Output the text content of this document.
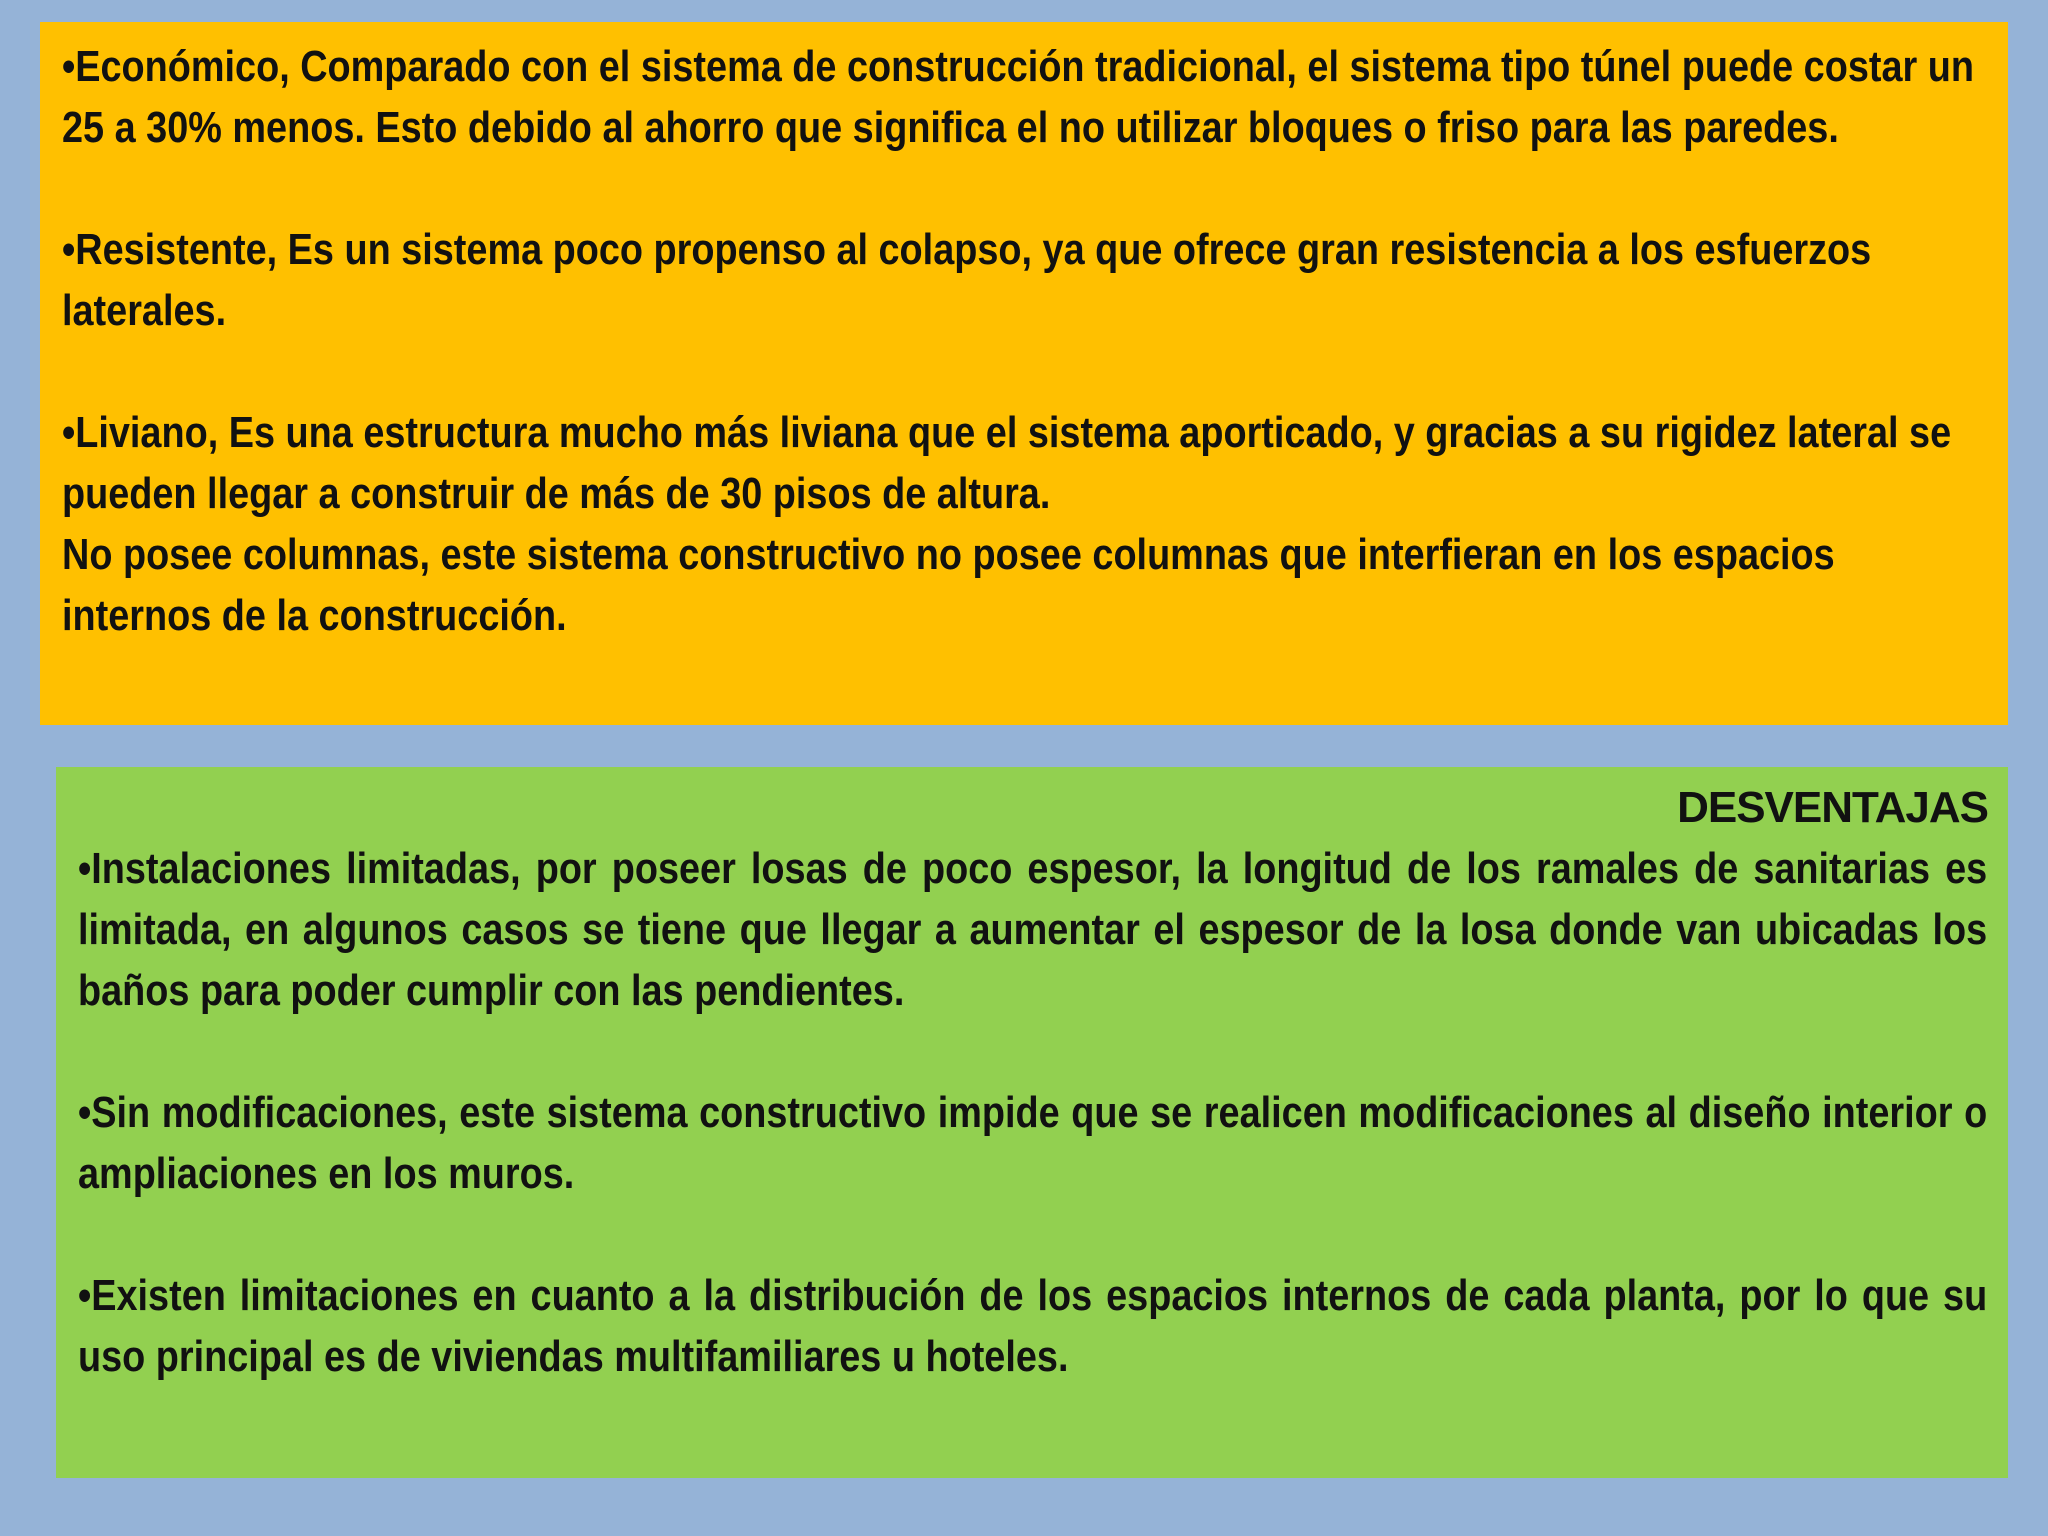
•Económico, Comparado con el sistema de construcción tradicional, el sistema tipo túnel puede costar un 25 a 30% menos. Esto debido al ahorro que significa el no utilizar bloques o friso para las paredes.

•Resistente, Es un sistema poco propenso al colapso, ya que ofrece gran resistencia a los esfuerzos laterales.

•Liviano, Es una estructura mucho más liviana que el sistema aporticado, y gracias a su rigidez lateral se pueden llegar a construir de más de 30 pisos de altura.

No posee columnas, este sistema constructivo no posee columnas que interfieran en los espacios internos de la construcción.

DESVENTAJAS

•Instalaciones limitadas, por poseer losas de poco espesor, la longitud de los ramales de sanitarias es limitada, en algunos casos se tiene que llegar a aumentar el espesor de la losa donde van ubicadas los baños para poder cumplir con las pendientes.

•Sin modificaciones, este sistema constructivo impide que se realicen modificaciones al diseño interior o ampliaciones en los muros.

•Existen limitaciones en cuanto a la distribución de los espacios internos de cada planta, por lo que su uso principal es de viviendas multifamiliares u hoteles.
